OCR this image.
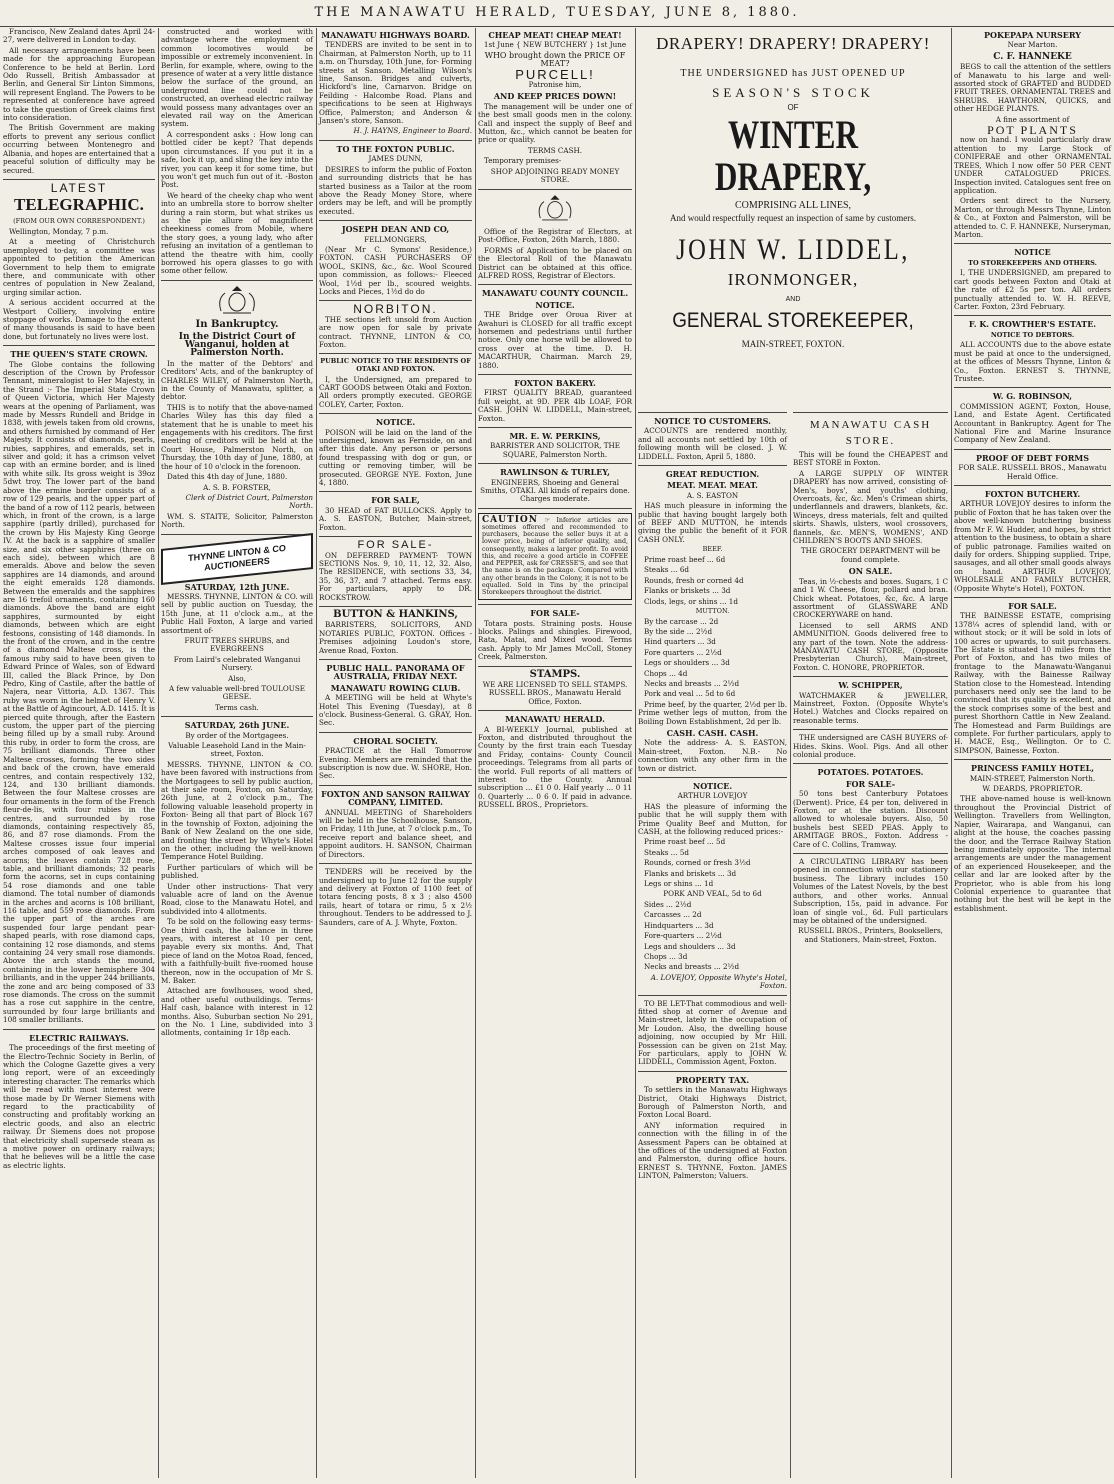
THE MANAWATU HERALD, TUESDAY, JUNE 8, 1880.

Francisco, New Zealand dates April 24-27, were delivered in London to-day.

All necessary arrangements have been made for the approaching European Conference to be held at Berlin. Lord Odo Russell, British Ambassador at Berlin, and General Sir Linton Simmons, will represent England. The Powers to be represented at conference have agreed to take the question of Greek claims first into consideration.

The British Government are making efforts to prevent any serious conflict occurring between Montenegro and Albania, and hopes are entertained that a peaceful solution of difficulty may be secured.

LATEST
TELEGRAPHIC.

(FROM OUR OWN CORRESPONDENT.)

Wellington, Monday, 7 p.m.

At a meeting of Christchurch unemployed to-day, a committee was appointed to petition the American Government to help them to emigrate there, and communicate with other centres of population in New Zealand, urging similar action.

A serious accident occurred at the Westport Colliery, involving entire stoppage of works. Damage to the extent of many thousands is said to have been done, but fortunately no lives were lost.

THE QUEEN'S STATE CROWN.

The Globe contains the following description of the Crown by Professor Tennant, mineralogist to Her Majesty, in the Strand :- The Imperial State Crown of Queen Victoria, which Her Majesty wears at the opening of Parliament, was made by Messrs Rundell and Bridge in 1838, with jewels taken from old crowns, and others furnished by command of Her Majesty. It consists of diamonds, pearls, rubies, sapphires, and emeralds, set in silver and gold; it has a crimson velvet cap with an ermine border, and is lined with white silk. Its gross weight is 39oz 5dwt troy. The lower part of the band above the ermine border consists of a row of 129 pearls, and the upper part of the band of a row of 112 pearls, between which, in front of the crown, is a large sapphire (partly drilled), purchased for the crown by His Majesty King George IV. At the back is a sapphire of smaller size, and six other sapphires (three on each side), between which are 8 emeralds. Above and below the seven sapphires are 14 diamonds, and around the eight emeralds 128 diamonds. Between the emeralds and the sapphires are 16 trefoil ornaments, containing 160 diamonds. Above the band are eight sapphires, surmounted by eight diamonds, between which are eight festoons, consisting of 148 diamonds. In the front of the crown, and in the centre of a diamond Maltese cross, is the famous ruby said to have been given to Edward Prince of Wales, son of Edward III, called the Black Prince, by Don Pedro, King of Castile, after the battle of Najera, near Vittoria, A.D. 1367. This ruby was worn in the helmet of Henry V. at the Battle of Agincourt, A.D. 1415. It is pierced quite through, after the Eastern custom, the upper part of the piercing being filled up by a small ruby. Around this ruby, in order to form the cross, are 75 brilliant diamonds. Three other Maltese crosses, forming the two sides and back of the crown, have emerald centres, and contain respectively 132, 124, and 130 brilliant diamonds. Between the four Maltese crosses are four ornaments in the form of the French fleur-de-lis, with four rubies in the centres, and surrounded by rose diamonds, containing respectively 85, 86, and 87 rose diamonds. From the Maltese crosses issue four imperial arches composed of oak leaves and acorns; the leaves contain 728 rose, table, and brilliant diamonds; 32 pearls form the acorns, set in cups containing 54 rose diamonds and one table diamond. The total number of diamonds in the arches and acorns is 108 brilliant, 116 table, and 559 rose diamonds. From the upper part of the arches are suspended four large pendant pear-shaped pearls, with rose diamond caps, containing 12 rose diamonds, and stems containing 24 very small rose diamonds. Above the arch stands the mound, containing in the lower hemisphere 304 brilliants, and in the upper 244 brilliants, the zone and arc being composed of 33 rose diamonds. The cross on the summit has a rose cut sapphire in the centre, surrounded by four large brilliants and 108 smaller brilliants.

ELECTRIC RAILWAYS.

The proceedings of the first meeting of the Electro-Technic Society in Berlin, of which the Cologne Gazette gives a very long report, were of an exceedingly interesting character. The remarks which will be read with most interest were those made by Dr Werner Siemens with regard to the practicability of constructing and profitably working an electric goods, and also an electric railway. Dr Siemens does not propose that electricity shall supersede steam as a motive power on ordinary railways; that he believes will be a little the case as electric lights.

constructed and worked with advantage where the employment of common locomotives would be impossible or extremely inconvenient. In Berlin, for example, where, owing to the presence of water at a very little distance below the surface of the ground, an underground line could not be constructed, an overhead electric railway would possess many advantages over an elevated rail way on the American system.

A correspondent asks : How long can bottled cider be kept? That depends upon circumstances. If you put it in a safe, lock it up, and sling the key into the river, you can keep it for some time, but you won't get much fun out of it. -Boston Post.

We heard of the cheeky chap who went into an umbrella store to borrow shelter during a rain storm, but what strikes us as the pie allure of magnificent cheekiness comes from Mobile, where the story goes, a young lady, who after refusing an invitation of a gentleman to attend the theatre with him, coolly borrowed his opera glasses to go with some other fellow.

In Bankruptcy.

In the District Court of Wanganui, holden at Palmerston North.

In the matter of the Debtors' and Creditors' Acts, and of the bankruptcy of CHARLES WILEY, of Palmerston North, in the County of Manawatu, splitter, a debtor.

THIS is to notify that the above-named Charles Wiley has this day filed a statement that he is unable to meet his engagements with his creditors. The first meeting of creditors will be held at the Court House, Palmerston North, on Thursday, the 10th day of June, 1880, at the hour of 10 o'clock in the forenoon.

Dated this 4th day of June, 1880.

A. S. B. FORSTER,

Clerk of District Court, Palmerston North.

WM. S. STAITE, Solicitor, Palmerston North.

THYNNE LINTON & CO AUCTIONEERS

SATURDAY, 12th JUNE.

MESSRS. THYNNE, LINTON & CO. will sell by public auction on Tuesday, the 15th June, at 11 o'clock a.m., at the Public Hall Foxton, A large and varied assortment of-

FRUIT TREES SHRUBS, and EVERGREENS

From Laird's celebrated Wanganui Nursery.

Also,

A few valuable well-bred TOULOUSE GEESE.

Terms cash.

SATURDAY, 26th JUNE.

By order of the Mortgagees.

Valuable Leasehold Land in the Main-street, Foxton.

MESSRS. THYNNE, LINTON & CO. have been favored with instructions from the Mortgagees to sell by public auction, at their sale room, Foxton, on Saturday, 26th June, at 2 o'clock p.m., The following valuable leasehold property in Foxton- Being all that part of Block 167 in the township of Foxton, adjoining the Bank of New Zealand on the one side, and fronting the street by Whyte's Hotel on the other, including the well-known Temperance Hotel Building.

Further particulars of which will be published.

Under other instructions- That very valuable acre of land on the Avenue Road, close to the Manawatu Hotel, and subdivided into 4 allotments.

To be sold on the following easy terms-One third cash, the balance in three years, with interest at 10 per cent, payable every six months. And, That piece of land on the Motoa Road, fenced, with a faithfully-built five-roomed house thereon, now in the occupation of Mr S. M. Baker.

Attached are fowlhouses, wood shed, and other useful outbuildings. Terms-Half cash, balance with interest in 12 months. Also, Suburban section No 291, on the No. 1 Line, subdivided into 3 allotments, containing 1r 18p each.

MANAWATU HIGHWAYS BOARD.

TENDERS are invited to be sent in to Chairman, at Palmerston North, up to 11 a.m. on Thursday, 10th June, for- Forming streets at Sanson. Metalling Wilson's line, Sanson. Bridges and culverts, Hickford's line, Carnarvon. Bridge on Feilding - Halcombe Road. Plans and specifications to be seen at Highways Office, Palmerston; and Anderson & Jansen's store, Sanson.

H. J. HAYNS, Engineer to Board.

TO THE FOXTON PUBLIC.

JAMES DUNN,

DESIRES to inform the public of Foxton and surrounding districts that he has started business as a Tailor at the room above the Ready Money Store, where orders may be left, and will be promptly executed.

JOSEPH DEAN AND CO,

FELLMONGERS,

(Near Mr C. Symons' Residence,) FOXTON. CASH PURCHASERS OF WOOL, SKINS, &c., &c. Wool Scoured upon commission, as follows:- Fleeced Wool, 1½d per lb., scoured weights. Locks and Pieces, 1½d do do

NORBITON.

THE sections left unsold from Auction are now open for sale by private contract. THYNNE, LINTON & CO, Foxton.

PUBLIC NOTICE TO THE RESIDENTS OF OTAKI AND FOXTON.

I, the Undersigned, am prepared to CART GOODS between Otaki and Foxton. All orders promptly executed. GEORGE COLEY, Carter, Foxton.

NOTICE.

POISON will be laid on the land of the undersigned, known as Fernside, on and after this date. Any person or persons found trespassing with dog or gun, or cutting or removing timber, will be prosecuted. GEORGE NYE. Foxton, June 4, 1880.

FOR SALE,

30 HEAD of FAT BULLOCKS. Apply to A. S. EASTON, Butcher, Main-street, Foxton.

FOR SALE-

ON DEFERRED PAYMENT- TOWN SECTIONS Nos. 9, 10, 11, 12, 32. Also, The RESIDENCE, with sections 33, 34, 35, 36, 37, and 7 attached. Terms easy. For particulars, apply to DR. ROCKSTROW.

BUTTON & HANKINS,

BARRISTERS, SOLICITORS, AND NOTARIES PUBLIC, FOXTON. Offices - Premises adjoining Loudon's store, Avenue Road, Foxton.

PUBLIC HALL. PANORAMA OF AUSTRALIA, FRIDAY NEXT.

MANAWATU ROWING CLUB.

A MEETING will be held at Whyte's Hotel This Evening (Tuesday), at 8 o'clock. Business-General. G. GRAY, Hon. Sec.

CHORAL SOCIETY.

PRACTICE at the Hall Tomorrow Evening. Members are reminded that the subscription is now due. W. SHORE, Hon. Sec.

FOXTON AND SANSON RAILWAY COMPANY, LIMITED.

ANNUAL MEETING of Shareholders will be held in the Schoolhouse, Sanson, on Friday, 11th June, at 7 o'clock p.m., To receive report and balance sheet, and appoint auditors. H. SANSON, Chairman of Directors.

TENDERS will be received by the undersigned up to June 12 for the supply and delivery at Foxton of 1100 feet of totara fencing posts, 8 x 3 ; also 4500 rails, heart of totara or rimu, 5 x 2½ throughout. Tenders to be addressed to J. Saunders, care of A. J. Whyte, Foxton.

CHEAP MEAT! CHEAP MEAT!

1st June { NEW BUTCHERY } 1st June

WHO brought down the PRICE OF MEAT?

PURCELL!

Patronise him,

AND KEEP PRICES DOWN!

The management will be under one of the best small goods men in the colony. Call and inspect the supply of Beef and Mutton, &c., which cannot be beaten for price or quality.

TERMS CASH.

Temporary premises-

SHOP ADJOINING READY MONEY STORE.

Office of the Registrar of Electors, at Post-Office, Foxton, 26th March, 1880.

FORMS of Application to be placed on the Electoral Roll of the Manawatu District can be obtained at this office. ALFRED ROSS, Registrar of Electors.

MANAWATU COUNTY COUNCIL.

NOTICE.

THE Bridge over Oroua River at Awahuri is CLOSED for all traffic except horsemen and pedestrians until further notice. Only one horse will be allowed to cross over at the time. D. H. MACARTHUR, Chairman. March 29, 1880.

FOXTON BAKERY.

FIRST QUALITY BREAD, guaranteed full weight, at 9D. PER 4lb LOAF, FOR CASH. JOHN W. LIDDELL, Main-street, Foxton.

MR. E. W. PERKINS,

BARRISTER AND SOLICITOR, THE SQUARE, Palmerston North.

RAWLINSON & TURLEY,

ENGINEERS, Shoeing and General Smiths, OTAKI. All kinds of repairs done. Charges moderate.

CAUTION ☞ Inferior articles are sometimes offered and recommended to purchasers, because the seller buys it at a lower price, being of inferior quality, and, consequently, makes a larger profit. To avoid this, and receive a good article in COFFEE and PEPPER, ask for CRESSE'S, and see that the name is on the package. Compared with any other brands in the Colony, it is not to be equalled. Sold in Tins by the principal Storekeepers throughout the district.

FOR SALE-

Totara posts. Straining posts. House blocks. Palings and shingles. Firewood, Rata, Matai, and Mixed wood. Terms cash. Apply to Mr James McColl, Stoney Creek, Palmerston.

STAMPS.

WE ARE LICENSED TO SELL STAMPS. RUSSELL BROS., Manawatu Herald Office, Foxton.

MANAWATU HERALD.

A BI-WEEKLY Journal, published at Foxton, and distributed throughout the County by the first train each Tuesday and Friday, contains- County Council proceedings. Telegrams from all parts of the world. Full reports of all matters of interest to the County. Annual subscription ... £1 0 0. Half yearly ... 0 11 0. Quarterly ... 0 6 0. If paid in advance. RUSSELL BROS., Proprietors.

DRAPERY! DRAPERY! DRAPERY!
THE UNDERSIGNED has JUST OPENED UP
SEASON'S STOCK
OF
WINTER DRAPERY,
COMPRISING ALL LINES,
And would respectfully request an inspection of same by customers.
JOHN W. LIDDEL,
IRONMONGER,
AND
GENERAL STOREKEEPER,
MAIN-STREET, FOXTON.

NOTICE TO CUSTOMERS.

ACCOUNTS are rendered monthly, and all accounts not settled by 10th of following month will be closed. J. W. LIDDELL. Foxton, April 5, 1880.

GREAT REDUCTION.

MEAT. MEAT. MEAT.

A. S. EASTON

HAS much pleasure in informing the public that having bought largely both of BEEF AND MUTTON, he intends giving the public the benefit of it FOR CASH ONLY.

BEEF.

Prime roast beef ... 6d

Steaks ... 6d

Rounds, fresh or corned 4d

Flanks or briskets ... 3d

Clods, legs, or shins ... 1d

MUTTON.

By the carcase ... 2d

By the side ... 2½d

Hind quarters ... 3d

Fore quarters ... 2½d

Legs or shoulders ... 3d

Chops ... 4d

Necks and breasts ... 2½d

Pork and veal ... 5d to 6d

Prime beef, by the quarter, 2½d per lb. Prime wether legs of mutton, from the Boiling Down Establishment, 2d per lb.

CASH. CASH. CASH.

Note the address- A. S. EASTON, Main-street, Foxton. N.B.- No connection with any other firm in the town or district.

NOTICE.

ARTHUR LOVEJOY

HAS the pleasure of informing the public that he will supply them with Prime Quality Beef and Mutton, for CASH, at the following reduced prices:-

Prime roast beef ... 5d

Steaks ... 5d

Rounds, corned or fresh 3½d

Flanks and briskets ... 3d

Legs or shins ... 1d

PORK AND VEAL, 5d to 6d

Sides ... 2½d

Carcasses ... 2d

Hindquarters ... 3d

Fore-quarters ... 2½d

Legs and shoulders ... 3d

Chops ... 3d

Necks and breasts ... 2½d

A. LOVEJOY, Opposite Whyte's Hotel, Foxton.

TO BE LET-That commodious and well-fitted shop at corner of Avenue and Main-street, lately in the occupation of Mr Loudon. Also, the dwelling house adjoining, now occupied by Mr Hill. Possession can be given on 21st May. For particulars, apply to JOHN W. LIDDELL, Commission Agent, Foxton.

PROPERTY TAX.

To settlers in the Manawatu Highways District, Otaki Highways District, Borough of Palmerston North, and Foxton Local Board.

ANY information required in connection with the filling in of the Assessment Papers can be obtained at the offices of the undersigned at Foxton and Palmerston, during office hours. ERNEST S. THYNNE, Foxton. JAMES LINTON, Palmerston; Valuers.

MANAWATU CASH STORE.

This will be found the CHEAPEST and BEST STORE in Foxton.

A LARGE SUPPLY OF WINTER DRAPERY has now arrived, consisting of- Men's, boys', and youths' clothing, Overcoats, &c, &c. Men's Crimean shirts, underflannels and drawers, blankets, &c. Winceys, dress materials, felt and quilted skirts. Shawls, ulsters, wool crossovers, flannels, &c. MEN'S, WOMENS', AND CHILDREN'S BOOTS AND SHOES.

THE GROCERY DEPARTMENT will be found complete.

ON SALE.

Teas, in ½-chests and boxes. Sugars, 1 C and 1 W. Cheese, flour, pollard and bran. Chick wheat. Potatoes, &c, &c. A large assortment of GLASSWARE AND CROCKERYWARE on hand.

Licensed to sell ARMS AND AMMUNITION. Goods delivered free to any part of the town. Note the address- MANAWATU CASH STORE, (Opposite Presbyterian Church), Main-street, Foxton. C. HONORE, PROPRIETOR.

W. SCHIPPER,

WATCHMAKER & JEWELLER, Mainstreet, Foxton. (Opposite Whyte's Hotel.) Watches and Clocks repaired on reasonable terms.

THE undersigned are CASH BUYERS of- Hides. Skins. Wool. Pigs. And all other colonial produce.

POTATOES. POTATOES.

FOR SALE-

50 tons best Canterbury Potatoes (Derwent). Price, £4 per ton, delivered in Foxton, or at the station. Discount allowed to wholesale buyers. Also, 50 bushels best SEED PEAS. Apply to ARMITAGE BROS., Foxton. Address - Care of C. Collins, Tramway.

A CIRCULATING LIBRARY has been opened in connection with our stationery business. The Library includes 150 Volumes of the Latest Novels, by the best authors, and other works. Annual Subscription, 15s, paid in advance. For loan of single vol., 6d. Full particulars may be obtained of the undersigned.

RUSSELL BROS., Printers, Booksellers, and Stationers, Main-street, Foxton.

POKEPAPA NURSERY

Near Marton.

C. F. HANNEKE

BEGS to call the attention of the settlers of Manawatu to his large and well-assorted stock of GRAFTED and BUDDED FRUIT TREES. ORNAMENTAL TREES and SHRUBS. HAWTHORN, QUICKS, and other HEDGE PLANTS.

A fine assortment of

POT PLANTS

now on hand. I would particularly draw attention to my Large Stock of CONIFERAE and other ORNAMENTAL TREES, Which I now offer 50 PER CENT UNDER CATALOGUED PRICES. Inspection invited. Catalogues sent free on application.

Orders sent direct to the Nursery, Marton, or through Messrs Thynne, Linton & Co., at Foxton and Palmerston, will be attended to. C. F. HANNEKE, Nurseryman, Marton.

NOTICE

TO STOREKEEPERS AND OTHERS.

I, THE UNDERSIGNED, am prepared to cart goods between Foxton and Otaki at the rate of £2 5s per ton. All orders punctually attended to. W. H. REEVE, Carter. Foxton, 23rd February.

F. K. CROWTHER'S ESTATE.

NOTICE TO DEBTORS.

ALL ACCOUNTS due to the above estate must be paid at once to the undersigned, at the offices of Messrs Thynne, Linton & Co., Foxton. ERNEST S. THYNNE, Trustee.

W. G. ROBINSON,

COMMISSION AGENT, Foxton, House, Land, and Estate Agent. Certificated Accountant in Bankruptcy. Agent for The National Fire and Marine Insurance Company of New Zealand.

PROOF OF DEBT FORMS

FOR SALE. RUSSELL BROS., Manawatu Herald Office.

FOXTON BUTCHERY.

ARTHUR LOVEJOY desires to inform the public of Foxton that he has taken over the above well-known butchering business from Mr F. W. Hudder, and hopes, by strict attention to the business, to obtain a share of public patronage. Families waited on daily for orders. Shipping supplied. Tripe, sausages, and all other small goods always on hand. ARTHUR LOVEJOY, WHOLESALE AND FAMILY BUTCHER, (Opposite Whyte's Hotel), FOXTON.

FOR SALE.

THE BAINESSE ESTATE, comprising 1378¼ acres of splendid land, with or without stock; or it will be sold in lots of 100 acres or upwards, to suit purchasers. The Estate is situated 10 miles from the Port of Foxton, and has two miles of frontage to the Manawatu-Wanganui Railway, with the Bainesse Railway Station close to the Homestead. Intending purchasers need only see the land to be convinced that its quality is excellent, and the stock comprises some of the best and purest Shorthorn Cattle in New Zealand. The Homestead and Farm Buildings are complete. For further particulars, apply to H. MACE, Esq., Wellington. Or to C. SIMPSON, Bainesse, Foxton.

PRINCESS FAMILY HOTEL,

MAIN-STREET, Palmerston North.

W. DEARDS, PROPRIETOR.

THE above-named house is well-known throughout the Provincial District of Wellington. Travellers from Wellington, Napier, Wairarapa, and Wanganui, can alight at the house, the coaches passing the door, and the Terrace Railway Station being immediately opposite. The internal arrangements are under the management of an experienced Housekeeper, and the cellar and lar are looked after by the Proprietor, who is able from his long Colonial experience to guarantee that nothing but the best will be kept in the establishment.
